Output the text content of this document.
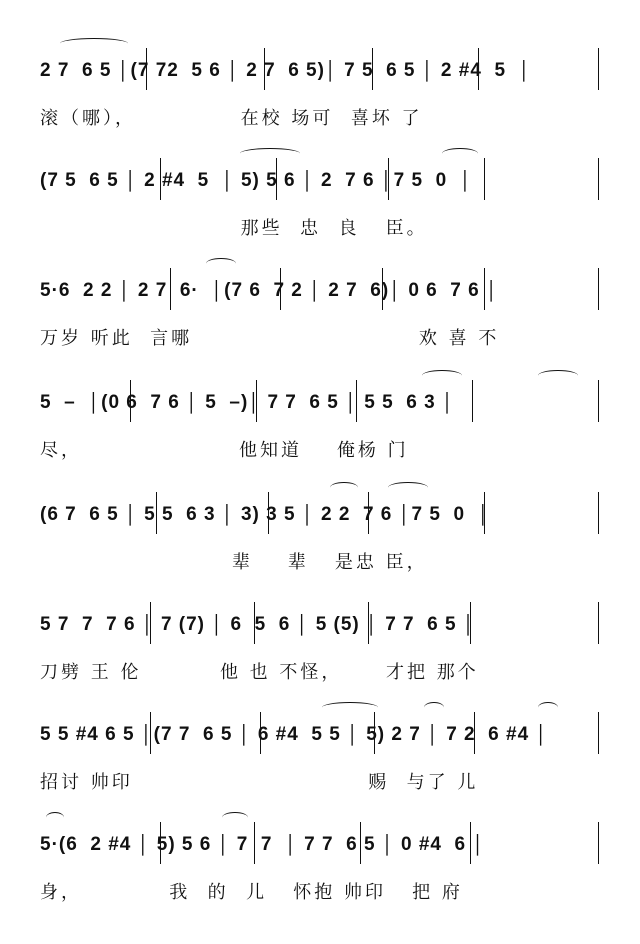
2 7  6 5 │(7 72  5 6 │ 2 7  6 5)│ 7 5  6 5 │ 2 #4  5  │
滚（哪），            在校 场可  喜坏 了
(7 5  6 5 │ 2 #4  5  │ 5) 5 6 │ 2  7 6 │7 5  0  │
那些  忠  良   臣。
5·6  2 2 │ 2 7  6·  │(7 6  7 2 │ 2 7  6)│ 0 6  7 6 │
万岁 听此  言哪                          欢 喜 不
5  –  │(0 6  7 6 │ 5  –)│ 7 7  6 5 │ 5 5  6 3 │
尽，                  他知道    俺杨 门
(6 7  6 5 │ 5 5  6 3 │ 3) 3 5 │ 2 2  7 6 │7 5  0  │
辈    辈   是忠 臣，
5 7  7  7 6 │ 7 (7) │ 6  5  6 │ 5 (5) │ 7 7  6 5 │
刀劈 王 伦         他 也 不怪，     才把 那个
5 5 #4 6 5 │(7 7  6 5 │ 6 #4  5 5 │ 5) 2 7 │ 7 2  6 #4 │
招讨 帅印                           赐  与了 儿
5·(6  2 #4 │ 5) 5 6 │ 7  7  │ 7 7  6 5 │ 0 #4  6 │
身，          我  的  儿   怀抱 帅印   把 府
